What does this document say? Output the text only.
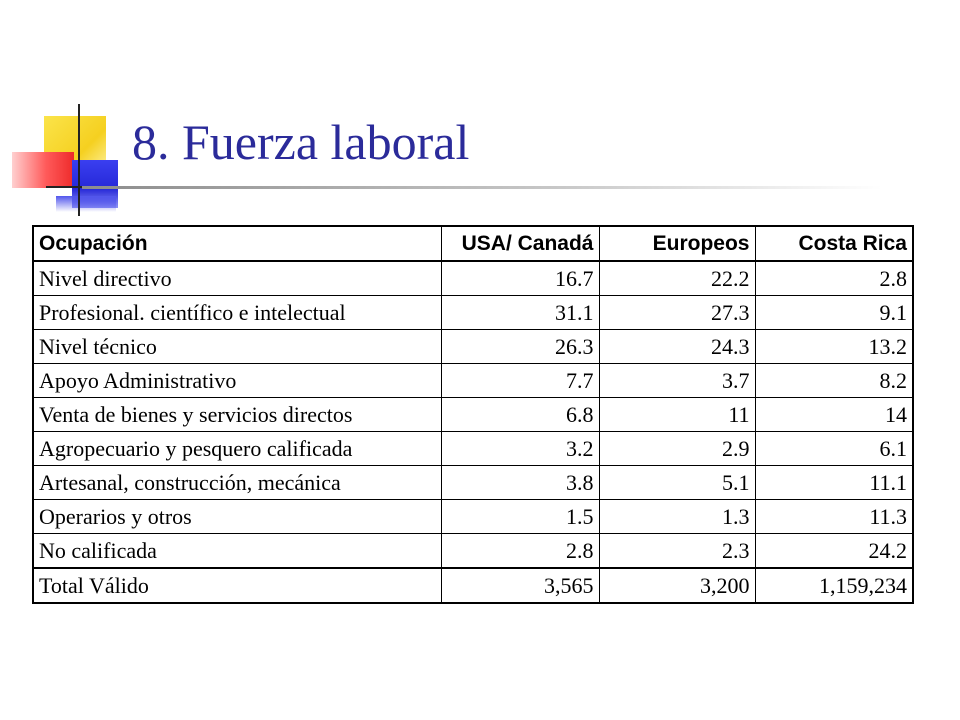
8. Fuerza laboral
Ocupación	USA/ Canadá	Europeos	Costa Rica
Nivel directivo	16.7	22.2	2.8
Profesional. científico e intelectual	31.1	27.3	9.1
Nivel técnico	26.3	24.3	13.2
Apoyo Administrativo	7.7	3.7	8.2
Venta de bienes y servicios directos	6.8	11	14
Agropecuario y pesquero calificada	3.2	2.9	6.1
Artesanal, construcción, mecánica	3.8	5.1	11.1
Operarios y otros	1.5	1.3	11.3
No calificada	2.8	2.3	24.2
Total Válido	3,565	3,200	1,159,234
